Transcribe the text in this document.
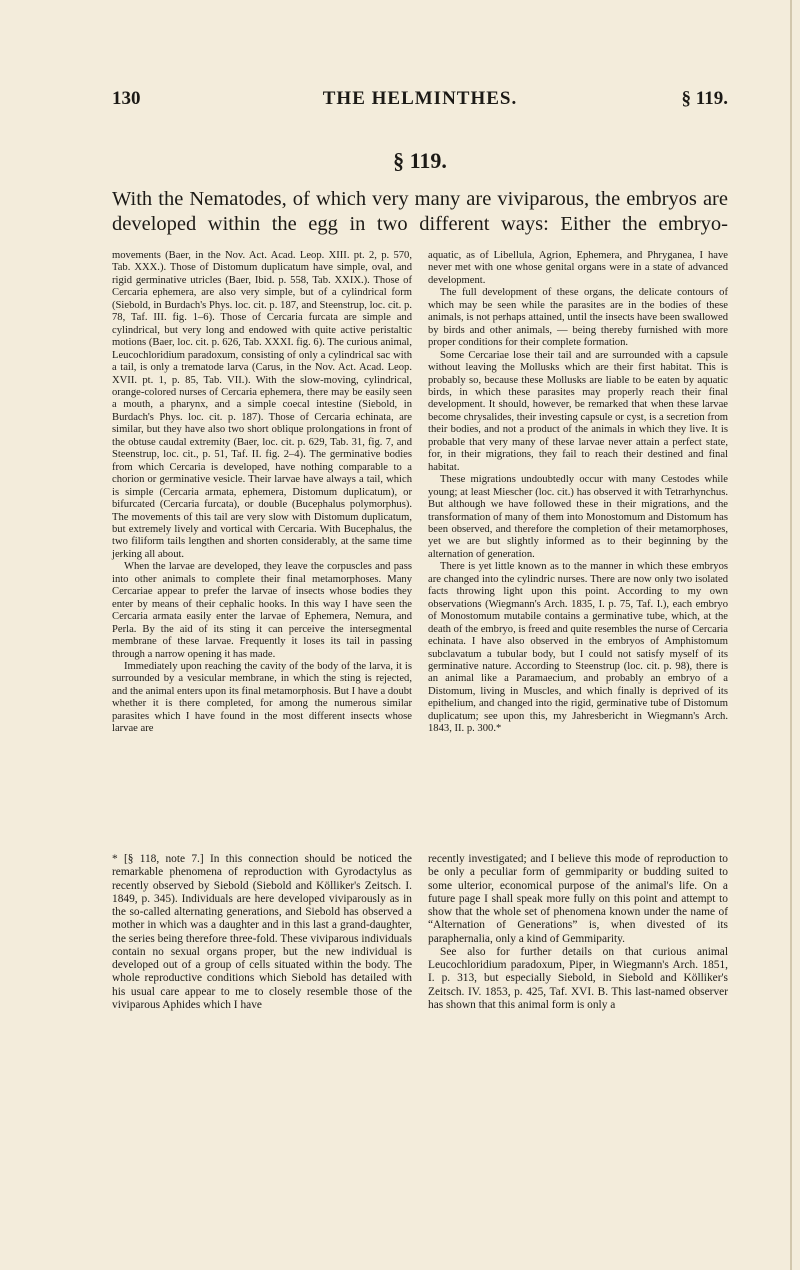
130	THE HELMINTHES.	§ 119.
§ 119.
With the Nematodes, of which very many are viviparous, the embryos are developed within the egg in two different ways: Either the embryo-

movements (Baer, in the Nov. Act. Acad. Leop. XIII. pt. 2, p. 570, Tab. XXX.). Those of Distomum duplicatum have simple, oval, and rigid germinative utricles (Baer, Ibid. p. 558, Tab. XXIX.). Those of Cercaria ephemera, are also very simple, but of a cylindrical form (Siebold, in Burdach's Phys. loc. cit. p. 187, and Steenstrup, loc. cit. p. 78, Taf. III. fig. 1–6). Those of Cercaria furcata are simple and cylindrical, but very long and endowed with quite active peristaltic motions (Baer, loc. cit. p. 626, Tab. XXXI. fig. 6). The curious animal, Leucochloridium paradoxum, consisting of only a cylindrical sac with a tail, is only a trematode larva (Carus, in the Nov. Act. Acad. Leop. XVII. pt. 1, p. 85, Tab. VII.). With the slow-moving, cylindrical, orange-colored nurses of Cercaria ephemera, there may be easily seen a mouth, a pharynx, and a simple coecal intestine (Siebold, in Burdach's Phys. loc. cit. p. 187). Those of Cercaria echinata, are similar, but they have also two short oblique prolongations in front of the obtuse caudal extremity (Baer, loc. cit. p. 629, Tab. 31, fig. 7, and Steenstrup, loc. cit., p. 51, Taf. II. fig. 2–4). The germinative bodies from which Cercaria is developed, have nothing comparable to a chorion or germinative vesicle. Their larvae have always a tail, which is simple (Cercaria armata, ephemera, Distomum duplicatum), or bifurcated (Cercaria furcata), or double (Bucephalus polymorphus). The movements of this tail are very slow with Distomum duplicatum, but extremely lively and vortical with Cercaria. With Bucephalus, the two filiform tails lengthen and shorten considerably, at the same time jerking all about.

When the larvae are developed, they leave the corpuscles and pass into other animals to complete their final metamorphoses. Many Cercariae appear to prefer the larvae of insects whose bodies they enter by means of their cephalic hooks. In this way I have seen the Cercaria armata easily enter the larvae of Ephemera, Nemura, and Perla. By the aid of its sting it can perceive the intersegmental membrane of these larvae. Frequently it loses its tail in passing through a narrow opening it has made.

Immediately upon reaching the cavity of the body of the larva, it is surrounded by a vesicular membrane, in which the sting is rejected, and the animal enters upon its final metamorphosis. But I have a doubt whether it is there completed, for among the numerous similar parasites which I have found in the most different insects whose larvae are

aquatic, as of Libellula, Agrion, Ephemera, and Phryganea, I have never met with one whose genital organs were in a state of advanced development.

The full development of these organs, the delicate contours of which may be seen while the parasites are in the bodies of these animals, is not perhaps attained, until the insects have been swallowed by birds and other animals, — being thereby furnished with more proper conditions for their complete formation.

Some Cercariae lose their tail and are surrounded with a capsule without leaving the Mollusks which are their first habitat. This is probably so, because these Mollusks are liable to be eaten by aquatic birds, in which these parasites may properly reach their final development. It should, however, be remarked that when these larvae become chrysalides, their investing capsule or cyst, is a secretion from their bodies, and not a product of the animals in which they live. It is probable that very many of these larvae never attain a perfect state, for, in their migrations, they fail to reach their destined and final habitat.

These migrations undoubtedly occur with many Cestodes while young; at least Miescher (loc. cit.) has observed it with Tetrarhynchus. But although we have followed these in their migrations, and the transformation of many of them into Monostomum and Distomum has been observed, and therefore the completion of their metamorphoses, yet we are but slightly informed as to their beginning by the alternation of generation.

There is yet little known as to the manner in which these embryos are changed into the cylindric nurses. There are now only two isolated facts throwing light upon this point. According to my own observations (Wiegmann's Arch. 1835, I. p. 75, Taf. I.), each embryo of Monostomum mutabile contains a germinative tube, which, at the death of the embryo, is freed and quite resembles the nurse of Cercaria echinata. I have also observed in the embryos of Amphistomum subclavatum a tubular body, but I could not satisfy myself of its germinative nature. According to Steenstrup (loc. cit. p. 98), there is an animal like a Paramaecium, and probably an embryo of a Distomum, living in Muscles, and which finally is deprived of its epithelium, and changed into the rigid, germinative tube of Distomum duplicatum; see upon this, my Jahresbericht in Wiegmann's Arch. 1843, II. p. 300.*

* [§ 118, note 7.] In this connection should be noticed the remarkable phenomena of reproduction with Gyrodactylus as recently observed by Siebold (Siebold and Kölliker's Zeitsch. I. 1849, p. 345). Individuals are here developed viviparously as in the so-called alternating generations, and Siebold has observed a mother in which was a daughter and in this last a grand-daughter, the series being therefore three-fold. These viviparous individuals contain no sexual organs proper, but the new individual is developed out of a group of cells situated within the body. The whole reproductive conditions which Siebold has detailed with his usual care appear to me to closely resemble those of the viviparous Aphides which I have

recently investigated; and I believe this mode of reproduction to be only a peculiar form of gemmiparity or budding suited to some ulterior, economical purpose of the animal's life. On a future page I shall speak more fully on this point and attempt to show that the whole set of phenomena known under the name of “Alternation of Generations” is, when divested of its paraphernalia, only a kind of Gemmiparity.

See also for further details on that curious animal Leucochloridium paradoxum, Piper, in Wiegmann's Arch. 1851, I. p. 313, but especially Siebold, in Siebold and Kölliker's Zeitsch. IV. 1853, p. 425, Taf. XVI. B. This last-named observer has shown that this animal form is only a
